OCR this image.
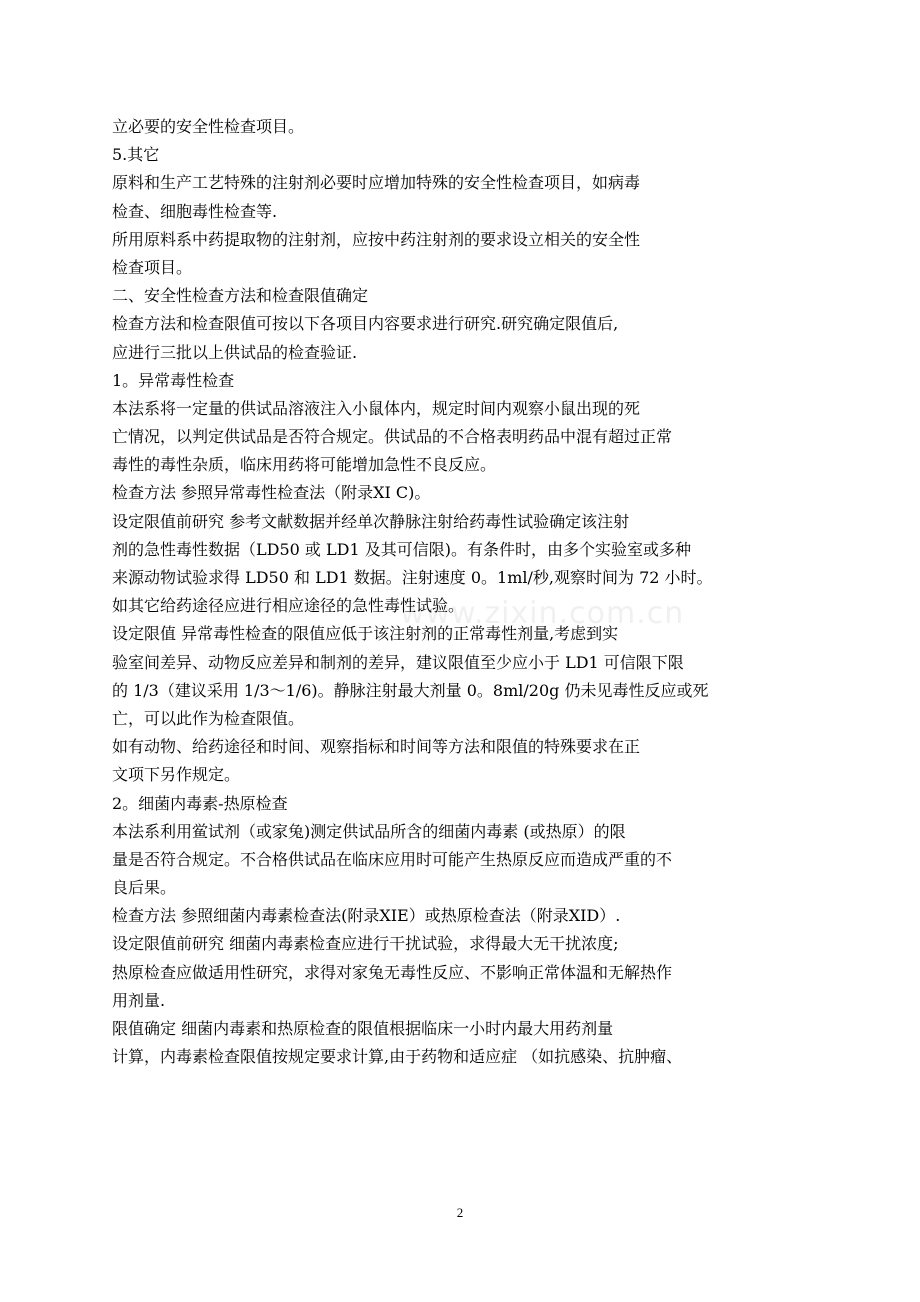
立必要的安全性检查项目。
5.其它
原料和生产工艺特殊的注射剂必要时应增加特殊的安全性检查项目，如病毒
检查、细胞毒性检查等.
所用原料系中药提取物的注射剂，应按中药注射剂的要求设立相关的安全性
检查项目。
二、安全性检查方法和检查限值确定
检查方法和检查限值可按以下各项目内容要求进行研究.研究确定限值后,
应进行三批以上供试品的检查验证.
1。异常毒性检查
本法系将一定量的供试品溶液注入小鼠体内，规定时间内观察小鼠出现的死
亡情况，以判定供试品是否符合规定。供试品的不合格表明药品中混有超过正常
毒性的毒性杂质，临床用药将可能增加急性不良反应。
检查方法 参照异常毒性检查法（附录XI C)。
设定限值前研究 参考文献数据并经单次静脉注射给药毒性试验确定该注射
剂的急性毒性数据（LD50 或 LD1 及其可信限)。有条件时，由多个实验室或多种
来源动物试验求得 LD50 和 LD1 数据。注射速度 0。1ml/秒,观察时间为 72 小时。
如其它给药途径应进行相应途径的急性毒性试验。
设定限值 异常毒性检查的限值应低于该注射剂的正常毒性剂量,考虑到实
验室间差异、动物反应差异和制剂的差异，建议限值至少应小于 LD1 可信限下限
的 1/3（建议采用 1/3～1/6)。静脉注射最大剂量 0。8ml/20g 仍未见毒性反应或死
亡，可以此作为检查限值。
如有动物、给药途径和时间、观察指标和时间等方法和限值的特殊要求在正
文项下另作规定。
2。细菌内毒素-热原检查
本法系利用鲎试剂（或家兔)测定供试品所含的细菌内毒素 (或热原）的限
量是否符合规定。不合格供试品在临床应用时可能产生热原反应而造成严重的不
良后果。
检查方法 参照细菌内毒素检查法(附录XIE）或热原检查法（附录XID）.
设定限值前研究 细菌内毒素检查应进行干扰试验，求得最大无干扰浓度;
热原检查应做适用性研究，求得对家兔无毒性反应、不影响正常体温和无解热作
用剂量.
限值确定 细菌内毒素和热原检查的限值根据临床一小时内最大用药剂量
计算，内毒素检查限值按规定要求计算,由于药物和适应症 （如抗感染、抗肿瘤、
www.zixin.com.cn
2
